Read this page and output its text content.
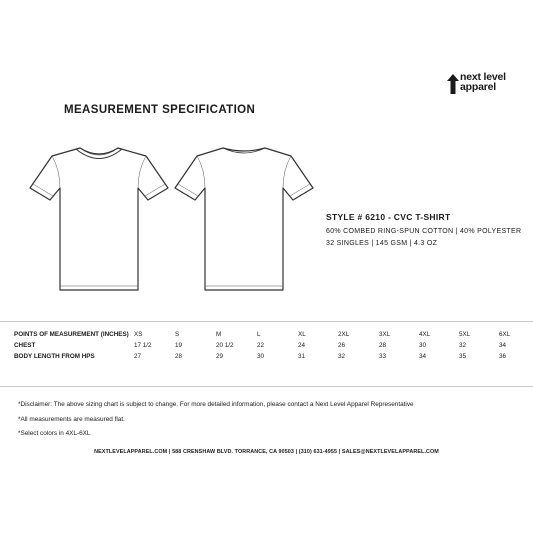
next level
apparel
MEASUREMENT SPECIFICATION
STYLE # 6210 - CVC T-SHIRT
60% COMBED RING-SPUN COTTON | 40% POLYESTER
32 SINGLES | 145 GSM | 4.3 OZ
POINTS OF MEASUREMENT (INCHES) XS	S	M	L	XL	2XL	3XL	4XL	5XL	6XL
CHEST	17 1/2	19	20 1/2	22	24	26	28	30	32	34
BODY LENGTH FROM HPS	27	28	29	30	31	32	33	34	35	36
*Disclaimer: The above sizing chart is subject to change. For more detailed information, please contact a Next Level Apparel Representative
*All measurements are measured flat.
*Select colors in 4XL-6XL
NEXTLEVELAPPAREL.COM | 588 CRENSHAW BLVD. TORRANCE, CA 90503 | (310) 631-4955 | SALES@NEXTLEVELAPPAREL.COM
